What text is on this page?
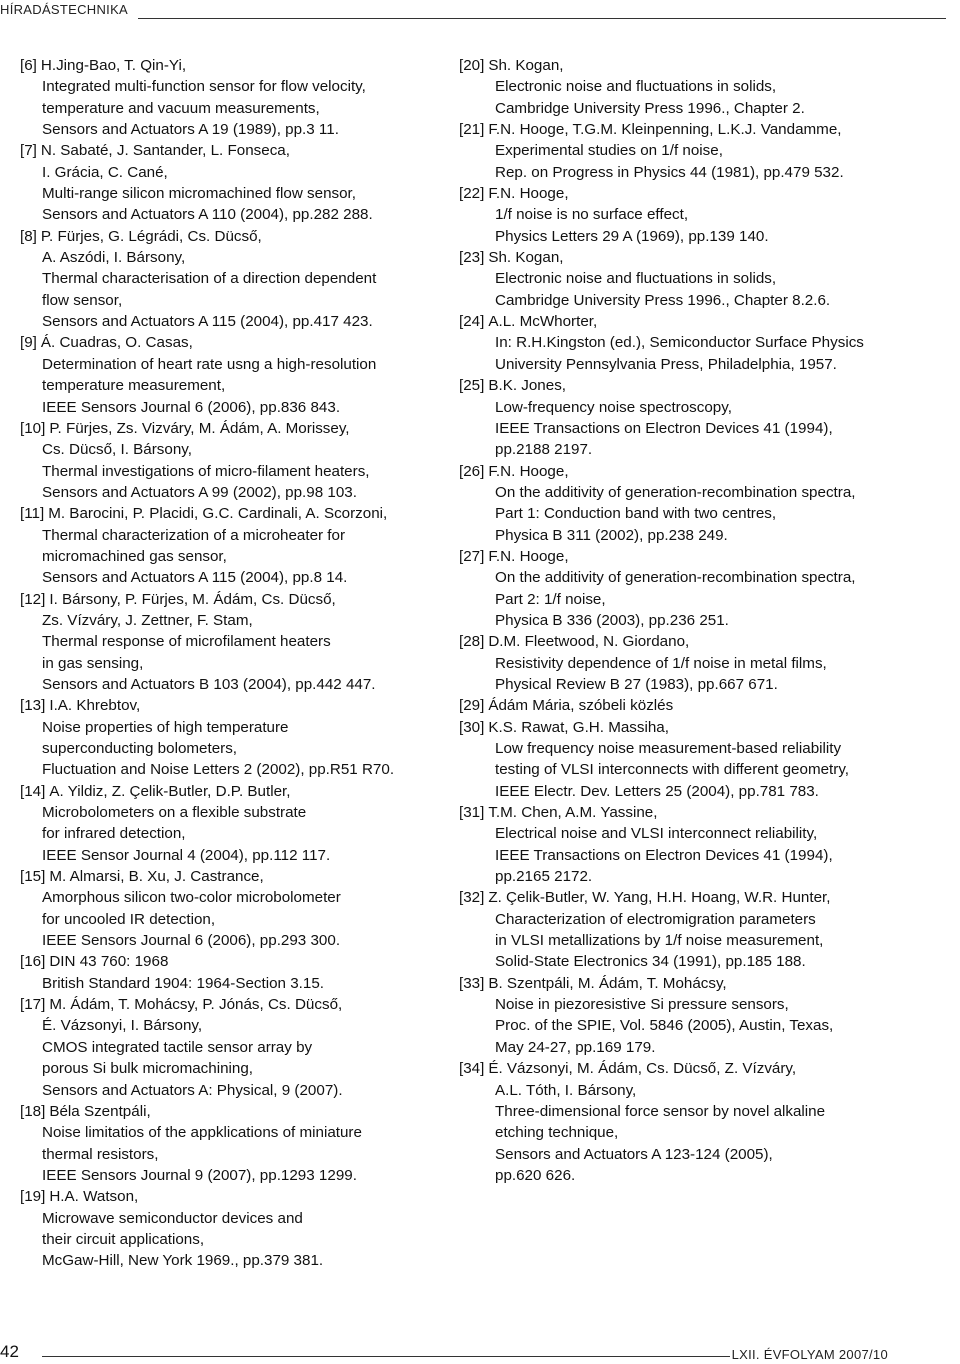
HÍRADÁSTECHNIKA
[6] H.Jing-Bao, T. Qin-Yi,
Integrated multi-function sensor for flow velocity,
temperature and vacuum measurements,
Sensors and Actuators A 19 (1989), pp.3 11.
[7] N. Sabaté, J. Santander, L. Fonseca,
I. Grácia, C. Cané,
Multi-range silicon micromachined flow sensor,
Sensors and Actuators A 110 (2004), pp.282 288.
[8] P. Fürjes, G. Légrádi, Cs. Dücső,
A. Aszódi, I. Bársony,
Thermal characterisation of a direction dependent
flow sensor,
Sensors and Actuators A 115 (2004), pp.417 423.
[9] Á. Cuadras, O. Casas,
Determination of heart rate usng a high-resolution
temperature measurement,
IEEE Sensors Journal 6 (2006), pp.836 843.
[10] P. Fürjes, Zs. Vizváry, M. Ádám, A. Morissey,
Cs. Dücső, I. Bársony,
Thermal investigations of micro-filament heaters,
Sensors and Actuators A 99 (2002), pp.98 103.
[11] M. Barocini, P. Placidi, G.C. Cardinali, A. Scorzoni,
Thermal characterization of a microheater for
micromachined gas sensor,
Sensors and Actuators A 115 (2004), pp.8 14.
[12] I. Bársony, P. Fürjes, M. Ádám, Cs. Dücső,
Zs. Vízváry, J. Zettner, F. Stam,
Thermal response of microfilament heaters
in gas sensing,
Sensors and Actuators B 103 (2004), pp.442 447.
[13] I.A. Khrebtov,
Noise properties of high temperature
superconducting bolometers,
Fluctuation and Noise Letters 2 (2002), pp.R51 R70.
[14] A. Yildiz, Z. Çelik-Butler, D.P. Butler,
Microbolometers on a flexible substrate
for infrared detection,
IEEE Sensor Journal 4 (2004), pp.112 117.
[15] M. Almarsi, B. Xu, J. Castrance,
Amorphous silicon two-color microbolometer
for uncooled IR detection,
IEEE Sensors Journal 6 (2006), pp.293 300.
[16] DIN 43 760: 1968
British Standard 1904: 1964-Section 3.15.
[17] M. Ádám, T. Mohácsy, P. Jónás, Cs. Dücső,
É. Vázsonyi, I. Bársony,
CMOS integrated tactile sensor array by
porous Si bulk micromachining,
Sensors and Actuators A: Physical, 9 (2007).
[18] Béla Szentpáli,
Noise limitatios of the appklications of miniature
thermal resistors,
IEEE Sensors Journal 9 (2007), pp.1293 1299.
[19] H.A. Watson,
Microwave semiconductor devices and
their circuit applications,
McGaw-Hill, New York 1969., pp.379 381.
[20] Sh. Kogan,
Electronic noise and fluctuations in solids,
Cambridge University Press 1996., Chapter 2.
[21] F.N. Hooge, T.G.M. Kleinpenning, L.K.J. Vandamme,
Experimental studies on 1/f noise,
Rep. on Progress in Physics 44 (1981), pp.479 532.
[22] F.N. Hooge,
1/f noise is no surface effect,
Physics Letters 29 A (1969), pp.139 140.
[23] Sh. Kogan,
Electronic noise and fluctuations in solids,
Cambridge University Press 1996., Chapter 8.2.6.
[24] A.L. McWhorter,
In: R.H.Kingston (ed.), Semiconductor Surface Physics
University Pennsylvania Press, Philadelphia, 1957.
[25] B.K. Jones,
Low-frequency noise spectroscopy,
IEEE Transactions on Electron Devices 41 (1994),
pp.2188 2197.
[26] F.N. Hooge,
On the additivity of generation-recombination spectra,
Part 1: Conduction band with two centres,
Physica B 311 (2002), pp.238 249.
[27] F.N. Hooge,
On the additivity of generation-recombination spectra,
Part 2: 1/f noise,
Physica B 336 (2003), pp.236 251.
[28] D.M. Fleetwood, N. Giordano,
Resistivity dependence of 1/f noise in metal films,
Physical Review B 27 (1983), pp.667 671.
[29] Ádám Mária, szóbeli közlés
[30] K.S. Rawat, G.H. Massiha,
Low frequency noise measurement-based reliability
testing of VLSI interconnects with different geometry,
IEEE Electr. Dev. Letters 25 (2004), pp.781 783.
[31] T.M. Chen, A.M. Yassine,
Electrical noise and VLSI interconnect reliability,
IEEE Transactions on Electron Devices 41 (1994),
pp.2165 2172.
[32] Z. Çelik-Butler, W. Yang, H.H. Hoang, W.R. Hunter,
Characterization of electromigration parameters
in VLSI metallizations by 1/f noise measurement,
Solid-State Electronics 34 (1991), pp.185 188.
[33] B. Szentpáli, M. Ádám, T. Mohácsy,
Noise in piezoresistive Si pressure sensors,
Proc. of the SPIE, Vol. 5846 (2005), Austin, Texas,
May 24-27, pp.169 179.
[34] É. Vázsonyi, M. Ádám, Cs. Dücső, Z. Vízváry,
A.L. Tóth, I. Bársony,
Three-dimensional force sensor by novel alkaline
etching technique,
Sensors and Actuators A 123-124 (2005),
pp.620 626.
42	LXII. ÉVFOLYAM 2007/10
